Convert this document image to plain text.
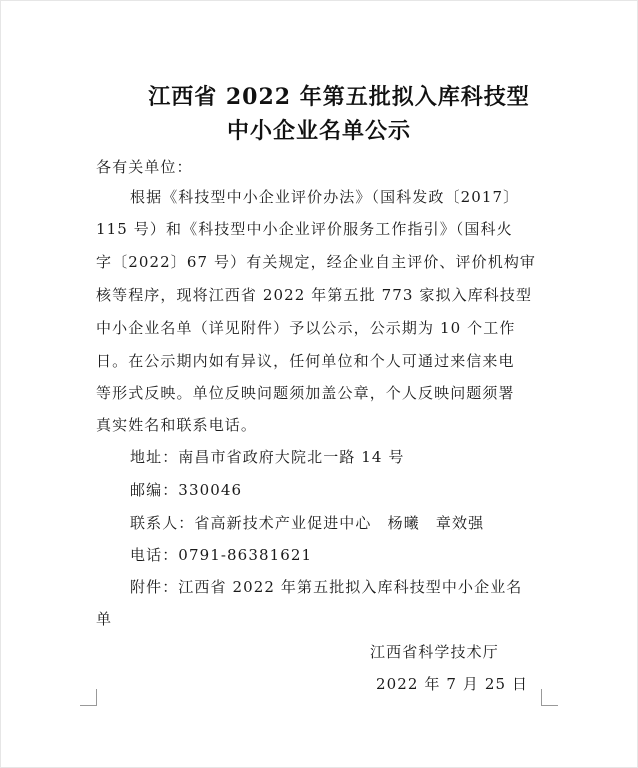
江西省 2022 年第五批拟入库科技型
中小企业名单公示
各有关单位：
根据《科技型中小企业评价办法》（国科发政〔2017〕
115 号）和《科技型中小企业评价服务工作指引》（国科火
字〔2022〕67 号）有关规定，经企业自主评价、评价机构审
核等程序，现将江西省 2022 年第五批 773 家拟入库科技型
中小企业名单（详见附件）予以公示，公示期为 10 个工作
日。在公示期内如有异议，任何单位和个人可通过来信来电
等形式反映。单位反映问题须加盖公章，个人反映问题须署
真实姓名和联系电话。
地址：南昌市省政府大院北一路 14 号
邮编：330046
联系人：省高新技术产业促进中心　杨曦　章效强
电话：0791-86381621
附件：江西省 2022 年第五批拟入库科技型中小企业名
单
江西省科学技术厅
2022 年 7 月 25 日
